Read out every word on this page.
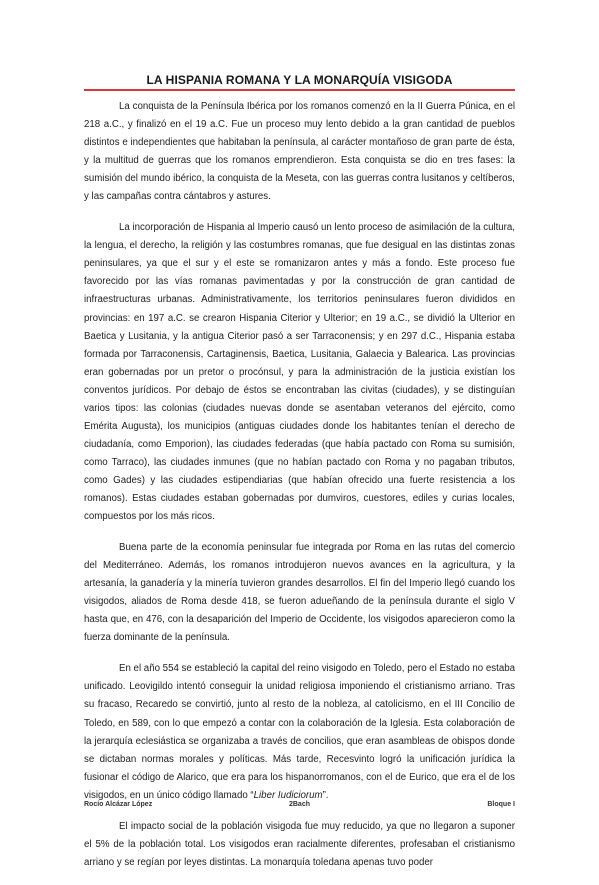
LA HISPANIA ROMANA Y LA MONARQUÍA VISIGODA

La conquista de la Península Ibérica por los romanos comenzó en la II Guerra Púnica, en el 218 a.C., y finalizó en el 19 a.C. Fue un proceso muy lento debido a la gran cantidad de pueblos distintos e independientes que habitaban la península, al carácter montañoso de gran parte de ésta, y la multitud de guerras que los romanos emprendieron. Esta conquista se dio en tres fases: la sumisión del mundo ibérico, la conquista de la Meseta, con las guerras contra lusitanos y celtíberos, y las campañas contra cántabros y astures.

La incorporación de Hispania al Imperio causó un lento proceso de asimilación de la cultura, la lengua, el derecho, la religión y las costumbres romanas, que fue desigual en las distintas zonas peninsulares, ya que el sur y el este se romanizaron antes y más a fondo. Este proceso fue favorecido por las vías romanas pavimentadas y por la construcción de gran cantidad de infraestructuras urbanas. Administrativamente, los territorios peninsulares fueron divididos en provincias: en 197 a.C. se crearon Hispania Citerior y Ulterior; en 19 a.C., se dividió la Ulterior en Baetica y Lusitania, y la antigua Citerior pasó a ser Tarraconensis; y en 297 d.C., Hispania estaba formada por Tarraconensis, Cartaginensis, Baetica, Lusitania, Galaecia y Balearica. Las provincias eran gobernadas por un pretor o procónsul, y para la administración de la justicia existían los conventos jurídicos. Por debajo de éstos se encontraban las civitas (ciudades), y se distinguían varios tipos: las colonias (ciudades nuevas donde se asentaban veteranos del ejército, como Emérita Augusta), los municipios (antiguas ciudades donde los habitantes tenían el derecho de ciudadanía, como Emporion), las ciudades federadas (que había pactado con Roma su sumisión, como Tarraco), las ciudades inmunes (que no habían pactado con Roma y no pagaban tributos, como Gades) y las ciudades estipendiarias (que habían ofrecido una fuerte resistencia a los romanos). Estas ciudades estaban gobernadas por dumviros, cuestores, ediles y curias locales, compuestos por los más ricos.

Buena parte de la economía peninsular fue integrada por Roma en las rutas del comercio del Mediterráneo. Además, los romanos introdujeron nuevos avances en la agricultura, y la artesanía, la ganadería y la minería tuvieron grandes desarrollos. El fin del Imperio llegó cuando los visigodos, aliados de Roma desde 418, se fueron adueñando de la península durante el siglo V hasta que, en 476, con la desaparición del Imperio de Occidente, los visigodos aparecieron como la fuerza dominante de la península.

En el año 554 se estableció la capital del reino visigodo en Toledo, pero el Estado no estaba unificado. Leovigildo intentó conseguir la unidad religiosa imponiendo el cristianismo arriano. Tras su fracaso, Recaredo se convirtió, junto al resto de la nobleza, al catolicismo, en el III Concilio de Toledo, en 589, con lo que empezó a contar con la colaboración de la Iglesia. Esta colaboración de la jerarquía eclesiástica se organizaba a través de concilios, que eran asambleas de obispos donde se dictaban normas morales y políticas. Más tarde, Recesvinto logró la unificación jurídica la fusionar el código de Alarico, que era para los hispanorromanos, con el de Eurico, que era el de los visigodos, en un único código llamado “Liber Iudiciorum”.

El impacto social de la población visigoda fue muy reducido, ya que no llegaron a suponer el 5% de la población total. Los visigodos eran racialmente diferentes, profesaban el cristianismo arriano y se regían por leyes distintas. La monarquía toledana apenas tuvo poder

Rocío Alcázar López	2Bach	Bloque I
